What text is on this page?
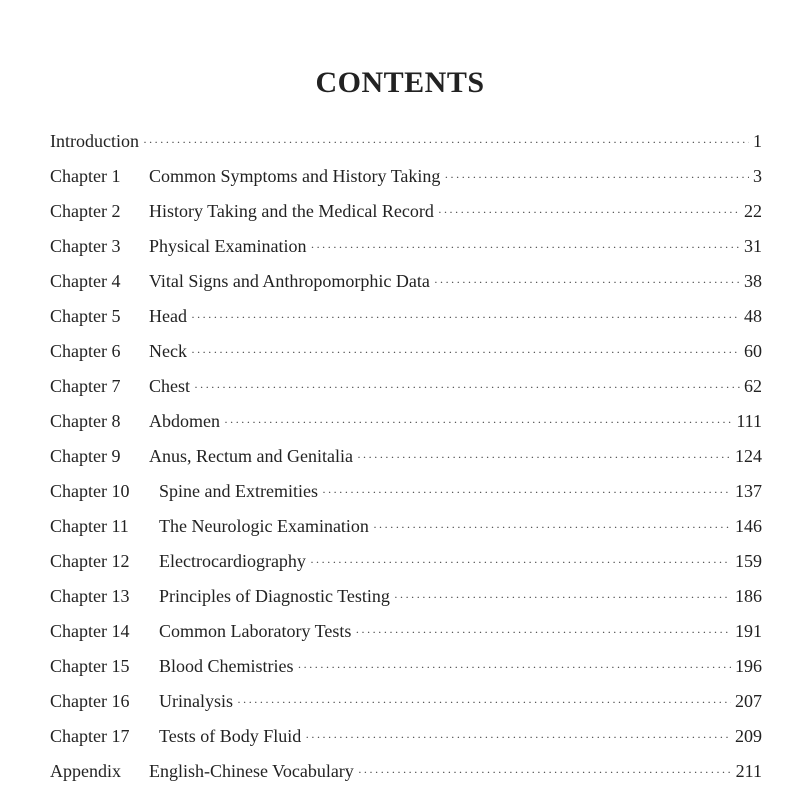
CONTENTS
Introduction ·····	1
Chapter 1	Common Symptoms and History Taking ·····	3
Chapter 2	History Taking and the Medical Record ·····	22
Chapter 3	Physical Examination ·····	31
Chapter 4	Vital Signs and Anthropomorphic Data ·····	38
Chapter 5	Head ·····	48
Chapter 6	Neck ·····	60
Chapter 7	Chest ·····	62
Chapter 8	Abdomen ·····	111
Chapter 9	Anus, Rectum and Genitalia ·····	124
Chapter 10	Spine and Extremities ·····	137
Chapter 11	The Neurologic Examination ·····	146
Chapter 12	Electrocardiography ·····	159
Chapter 13	Principles of Diagnostic Testing ·····	186
Chapter 14	Common Laboratory Tests ·····	191
Chapter 15	Blood Chemistries ·····	196
Chapter 16	Urinalysis ·····	207
Chapter 17	Tests of Body Fluid ·····	209
Appendix	English-Chinese Vocabulary ·····	211
